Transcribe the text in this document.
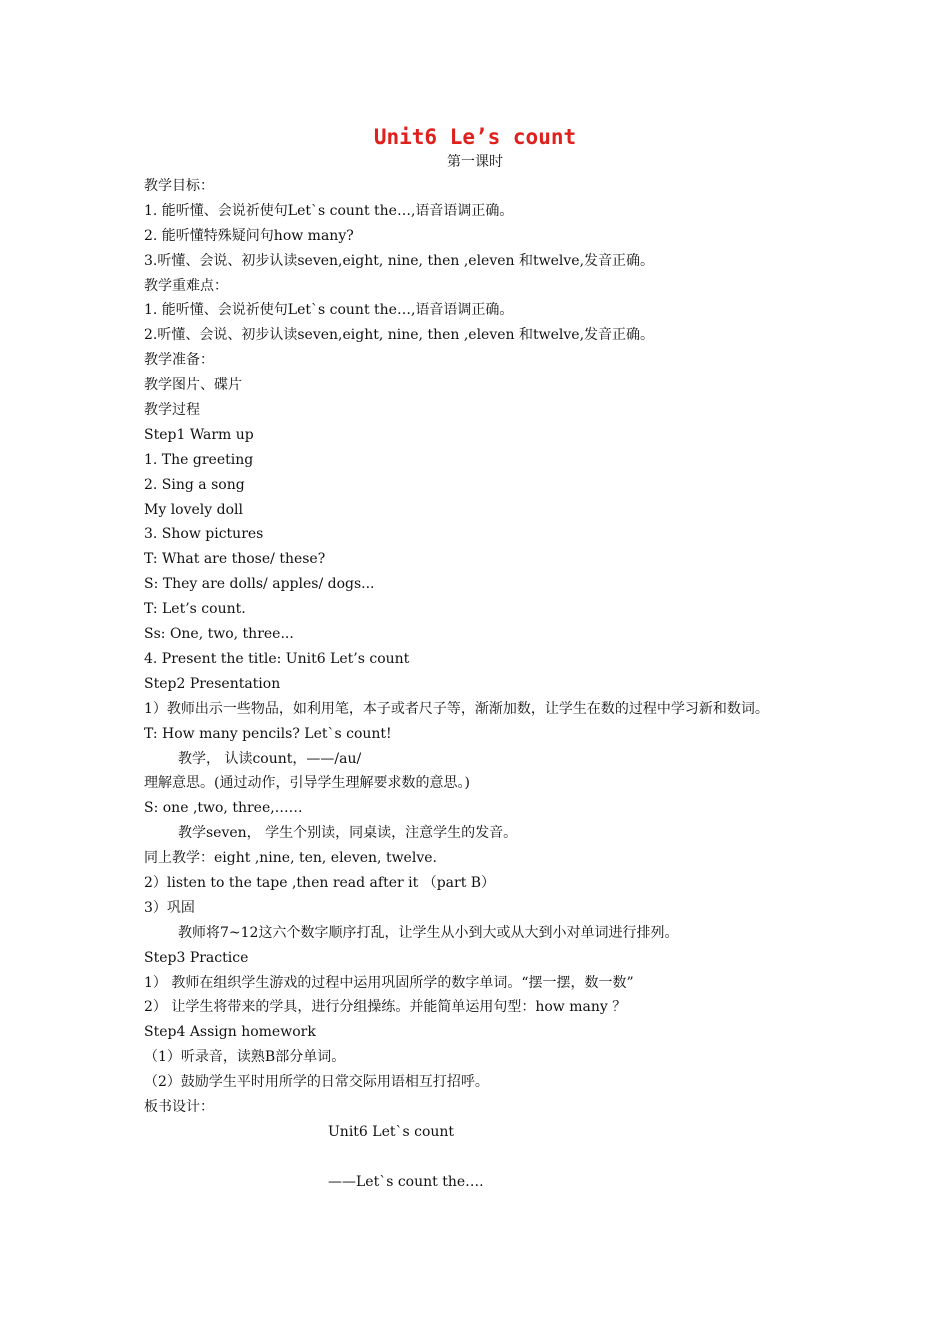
Unit6 Le’s count
第一课时
教学目标：
1. 能听懂、会说祈使句Let`s count the…,语音语调正确。
2. 能听懂特殊疑问句how many?
3.听懂、会说、初步认读seven,eight, nine, then ,eleven 和twelve,发音正确。
教学重难点：
1. 能听懂、会说祈使句Let`s count the…,语音语调正确。
2.听懂、会说、初步认读seven,eight, nine, then ,eleven 和twelve,发音正确。
教学准备：
教学图片、碟片
教学过程
Step1 Warm up
1. The greeting
2. Sing a song
My lovely doll
3. Show pictures
T: What are those/ these?
S: They are dolls/ apples/ dogs...
T: Let’s count.
Ss: One, two, three...
4. Present the title: Unit6 Let’s count
Step2 Presentation
1）教师出示一些物品，如利用笔，本子或者尺子等，渐渐加数，让学生在数的过程中学习新和数词。
T: How many pencils? Let`s count!
教学， 认读count，——/au/
理解意思。(通过动作，引导学生理解要求数的意思。)
S: one ,two, three,……
教学seven， 学生个别读，同桌读，注意学生的发音。
同上教学：eight ,nine, ten, eleven, twelve.
2）listen to the tape ,then read after it （part B）
3）巩固
教师将7~12这六个数字顺序打乱，让学生从小到大或从大到小对单词进行排列。
Step3 Practice
1） 教师在组织学生游戏的过程中运用巩固所学的数字单词。“摆一摆，数一数”
2） 让学生将带来的学具，进行分组操练。并能简单运用句型：how many ？
Step4 Assign homework
（1）听录音，读熟B部分单词。
（2）鼓励学生平时用所学的日常交际用语相互打招呼。
板书设计：
Unit6 Let`s count
——Let`s count the….
